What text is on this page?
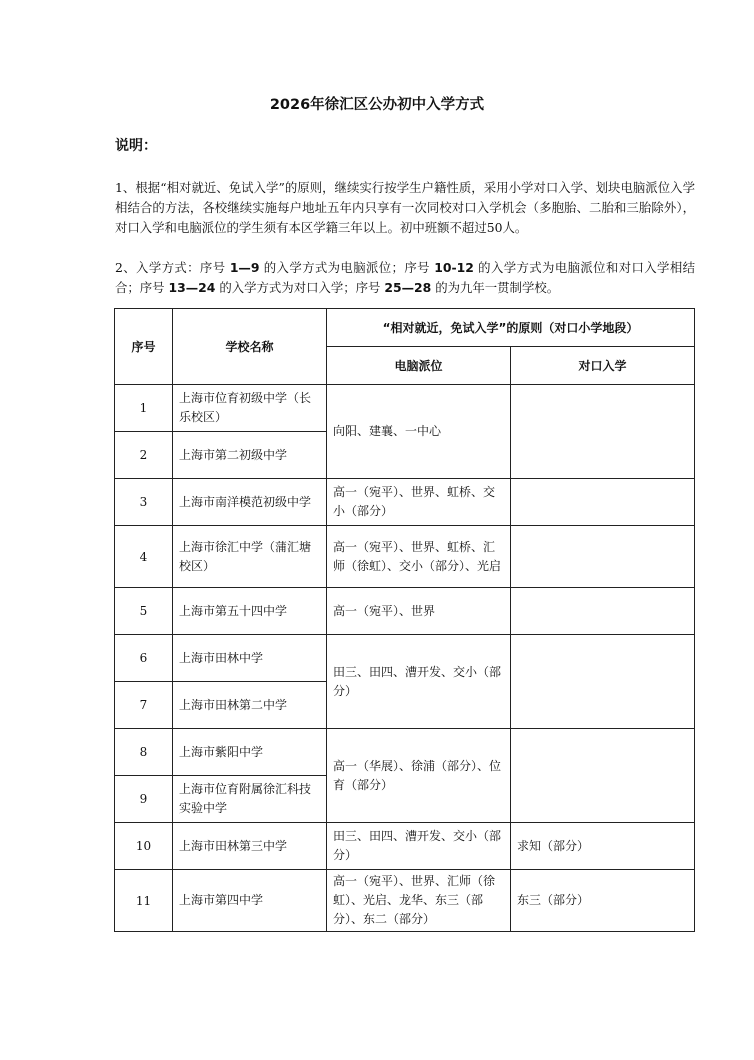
2026年徐汇区公办初中入学方式
说明：
1、根据“相对就近、免试入学”的原则，继续实行按学生户籍性质，采用小学对口入学、划块电脑派位入学相结合的方法，各校继续实施每户地址五年内只享有一次同校对口入学机会（多胞胎、二胎和三胎除外），对口入学和电脑派位的学生须有本区学籍三年以上。初中班额不超过50人。
2、入学方式：序号 1—9 的入学方式为电脑派位；序号 10-12 的入学方式为电脑派位和对口入学相结合；序号 13—24 的入学方式为对口入学；序号 25—28 的为九年一贯制学校。
序号	学校名称	“相对就近，免试入学”的原则（对口小学地段）	
		电脑派位	对口入学
1	上海市位育初级中学（长乐校区）	向阳、建襄、一中心	
2	上海市第二初级中学		
3	上海市南洋模范初级中学	高一（宛平）、世界、虹桥、交小（部分）	
4	上海市徐汇中学（蒲汇塘校区）	高一（宛平）、世界、虹桥、汇师（徐虹）、交小（部分）、光启	
5	上海市第五十四中学	高一（宛平）、世界	
6	上海市田林中学	田三、田四、漕开发、交小（部分）	
7	上海市田林第二中学		
8	上海市紫阳中学	高一（华展）、徐浦（部分）、位育（部分）	
9	上海市位育附属徐汇科技实验中学		
10	上海市田林第三中学	田三、田四、漕开发、交小（部分）	求知（部分）
11	上海市第四中学	高一（宛平）、世界、汇师（徐虹）、光启、龙华、东三（部分）、东二（部分）	东三（部分）
